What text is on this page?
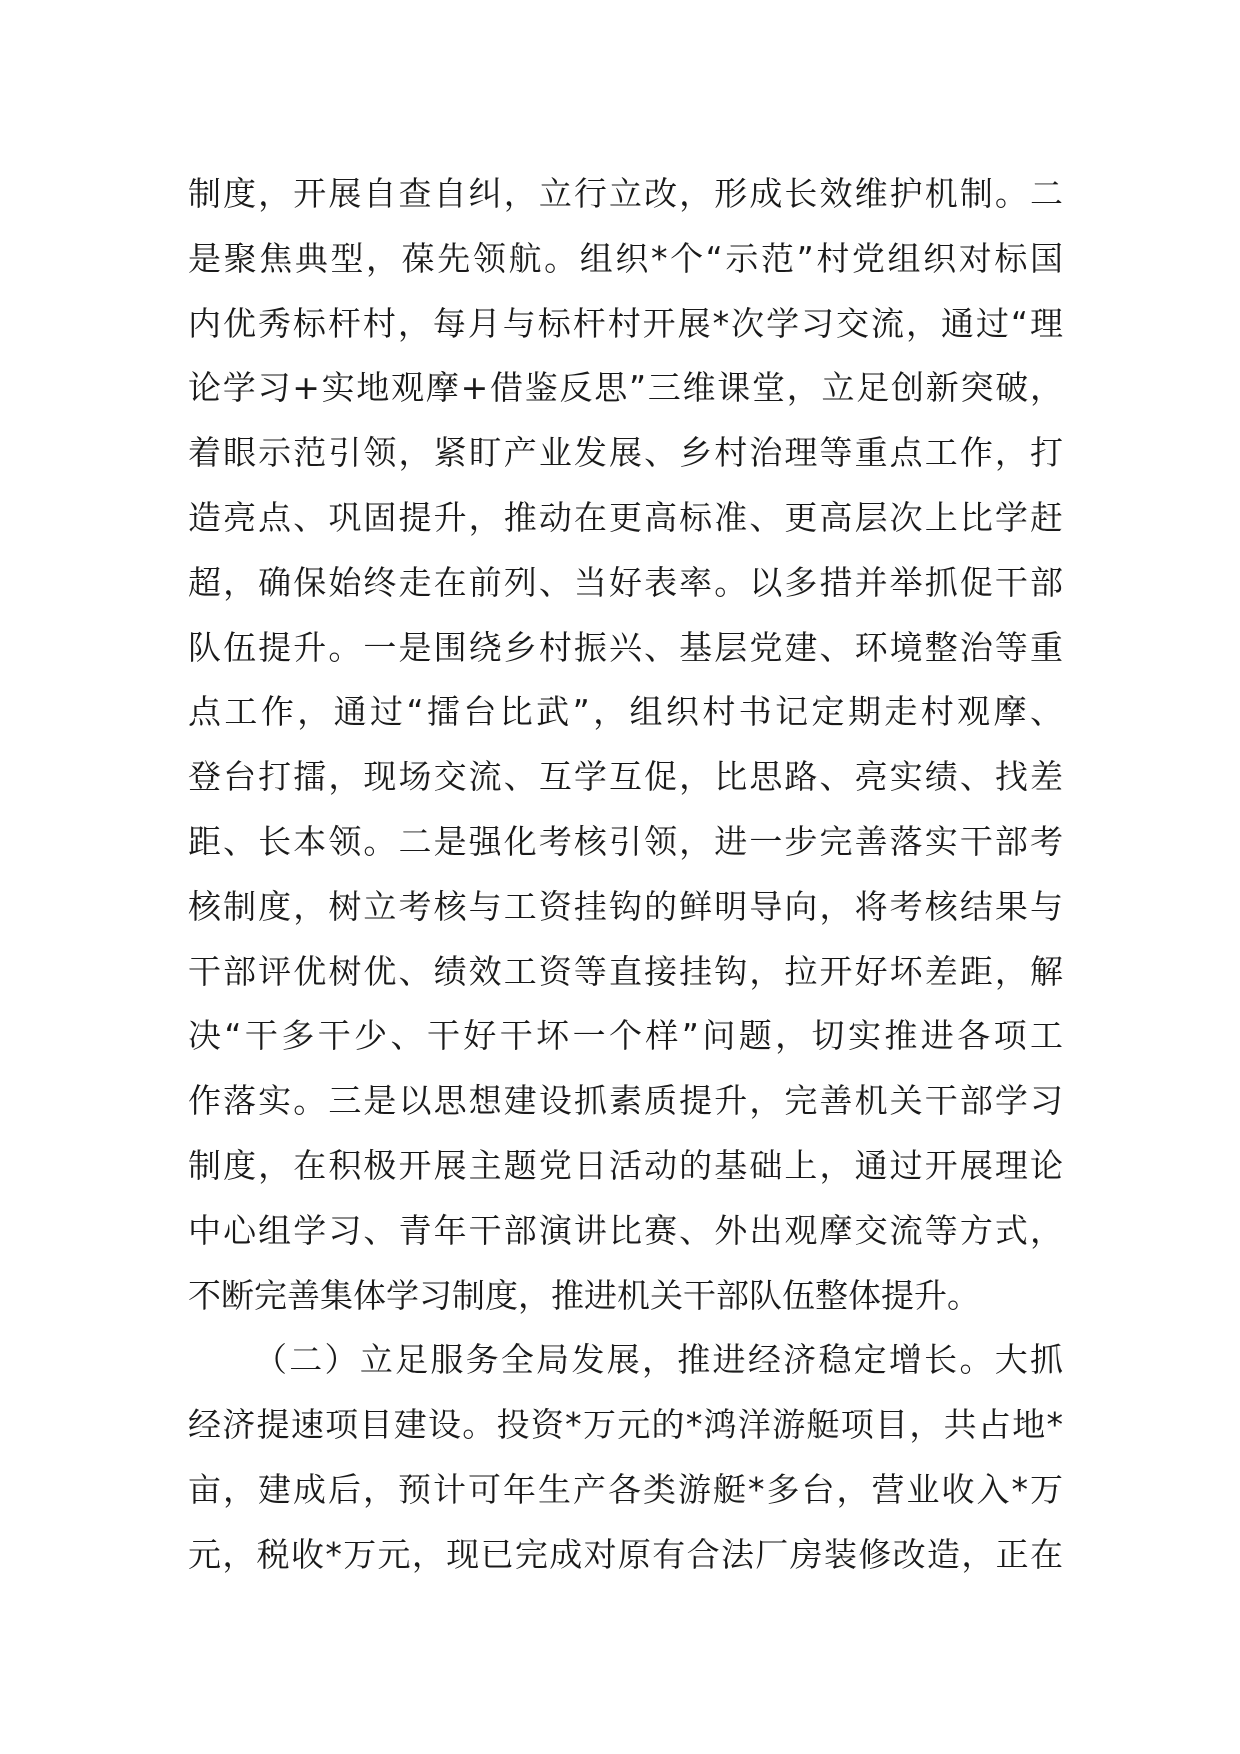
制度，开展自查自纠，立行立改，形成长效维护机制。二
是聚焦典型，葆先领航。组织*个“示范”村党组织对标国
内优秀标杆村，每月与标杆村开展*次学习交流，通过“理
论学习+实地观摩+借鉴反思”三维课堂，立足创新突破，
着眼示范引领，紧盯产业发展、乡村治理等重点工作，打
造亮点、巩固提升，推动在更高标准、更高层次上比学赶
超，确保始终走在前列、当好表率。以多措并举抓促干部
队伍提升。一是围绕乡村振兴、基层党建、环境整治等重
点工作，通过“擂台比武”，组织村书记定期走村观摩、
登台打擂，现场交流、互学互促，比思路、亮实绩、找差
距、长本领。二是强化考核引领，进一步完善落实干部考
核制度，树立考核与工资挂钩的鲜明导向，将考核结果与
干部评优树优、绩效工资等直接挂钩，拉开好坏差距，解
决“干多干少、干好干坏一个样”问题，切实推进各项工
作落实。三是以思想建设抓素质提升，完善机关干部学习
制度，在积极开展主题党日活动的基础上，通过开展理论
中心组学习、青年干部演讲比赛、外出观摩交流等方式，
不断完善集体学习制度，推进机关干部队伍整体提升。
（二）立足服务全局发展，推进经济稳定增长。大抓
经济提速项目建设。投资*万元的*鸿洋游艇项目，共占地*
亩，建成后，预计可年生产各类游艇*多台，营业收入*万
元，税收*万元，现已完成对原有合法厂房装修改造，正在
